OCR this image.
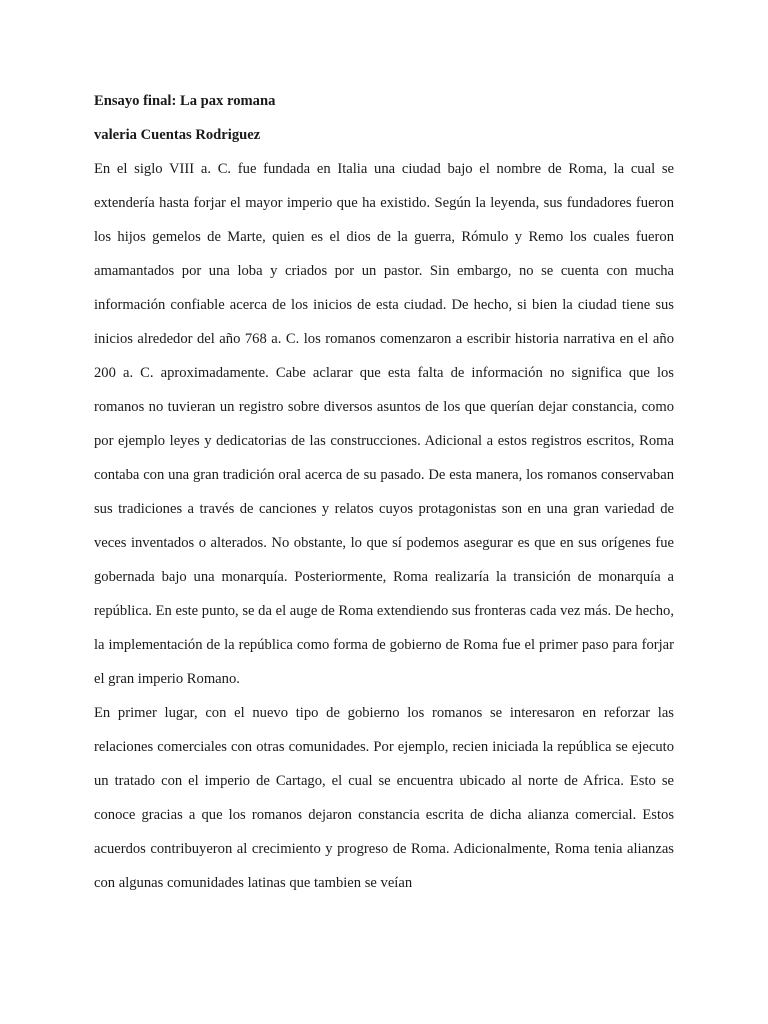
Ensayo final: La pax romana

valeria Cuentas Rodriguez

En el siglo VIII a. C. fue fundada en Italia una ciudad bajo el nombre de Roma, la cual se extendería hasta forjar el mayor imperio que ha existido. Según la leyenda, sus fundadores fueron los hijos gemelos de Marte, quien es el dios de la guerra, Rómulo y Remo los cuales fueron amamantados por una loba y criados por un pastor. Sin embargo, no se cuenta con mucha información confiable acerca de los inicios de esta ciudad. De hecho, si bien la ciudad tiene sus inicios alrededor del año 768 a. C. los romanos comenzaron a escribir historia narrativa en el año 200 a. C. aproximadamente. Cabe aclarar que esta falta de información no significa que los romanos no tuvieran un registro sobre diversos asuntos de los que querían dejar constancia, como por ejemplo leyes y dedicatorias de las construcciones. Adicional a estos registros escritos, Roma contaba con una gran tradición oral acerca de su pasado. De esta manera, los romanos conservaban sus tradiciones a través de canciones y relatos cuyos protagonistas son en una gran variedad de veces inventados o alterados. No obstante, lo que sí podemos asegurar es que en sus orígenes fue gobernada bajo una monarquía. Posteriormente, Roma realizaría la transición de monarquía a república. En este punto, se da el auge de Roma extendiendo sus fronteras cada vez más. De hecho, la implementación de la república como forma de gobierno de Roma fue el primer paso para forjar el gran imperio Romano.

En primer lugar, con el nuevo tipo de gobierno los romanos se interesaron en reforzar las relaciones comerciales con otras comunidades. Por ejemplo, recien iniciada la república se ejecuto un tratado con el imperio de Cartago, el cual se encuentra ubicado al norte de Africa. Esto se conoce gracias a que los romanos dejaron constancia escrita de dicha alianza comercial. Estos acuerdos contribuyeron al crecimiento y progreso de Roma. Adicionalmente, Roma tenia alianzas con algunas comunidades latinas que tambien se veían
